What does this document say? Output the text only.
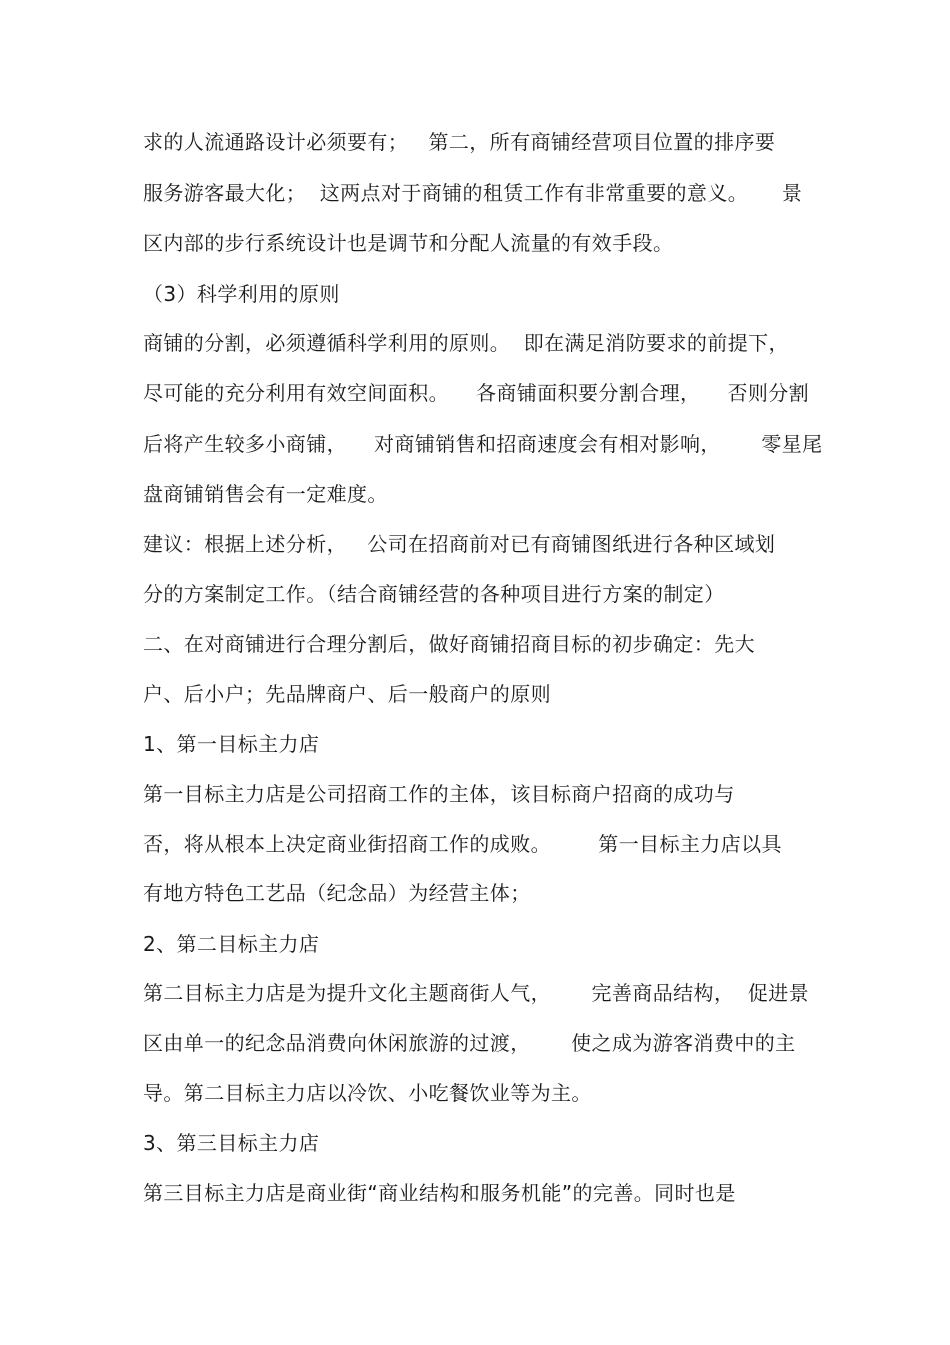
求的人流通路设计必须要有；   第二，所有商铺经营项目位置的排序要
服务游客最大化；  这两点对于商铺的租赁工作有非常重要的意义。     景
区内部的步行系统设计也是调节和分配人流量的有效手段。
（3）科学利用的原则
商铺的分割，必须遵循科学利用的原则。  即在满足消防要求的前提下，
尽可能的充分利用有效空间面积。    各商铺面积要分割合理，    否则分割
后将产生较多小商铺，    对商铺销售和招商速度会有相对影响，      零星尾
盘商铺销售会有一定难度。
建议：根据上述分析，   公司在招商前对已有商铺图纸进行各种区域划
分的方案制定工作。（结合商铺经营的各种项目进行方案的制定）
二、在对商铺进行合理分割后，做好商铺招商目标的初步确定：先大
户、后小户；先品牌商户、后一般商户的原则
1、第一目标主力店
第一目标主力店是公司招商工作的主体，该目标商户招商的成功与
否，将从根本上决定商业街招商工作的成败。       第一目标主力店以具
有地方特色工艺品（纪念品）为经营主体；
2、第二目标主力店
第二目标主力店是为提升文化主题商街人气，      完善商品结构，  促进景
区由单一的纪念品消费向休闲旅游的过渡，      使之成为游客消费中的主
导。第二目标主力店以冷饮、小吃餐饮业等为主。
3、第三目标主力店
第三目标主力店是商业街“商业结构和服务机能”的完善。同时也是
